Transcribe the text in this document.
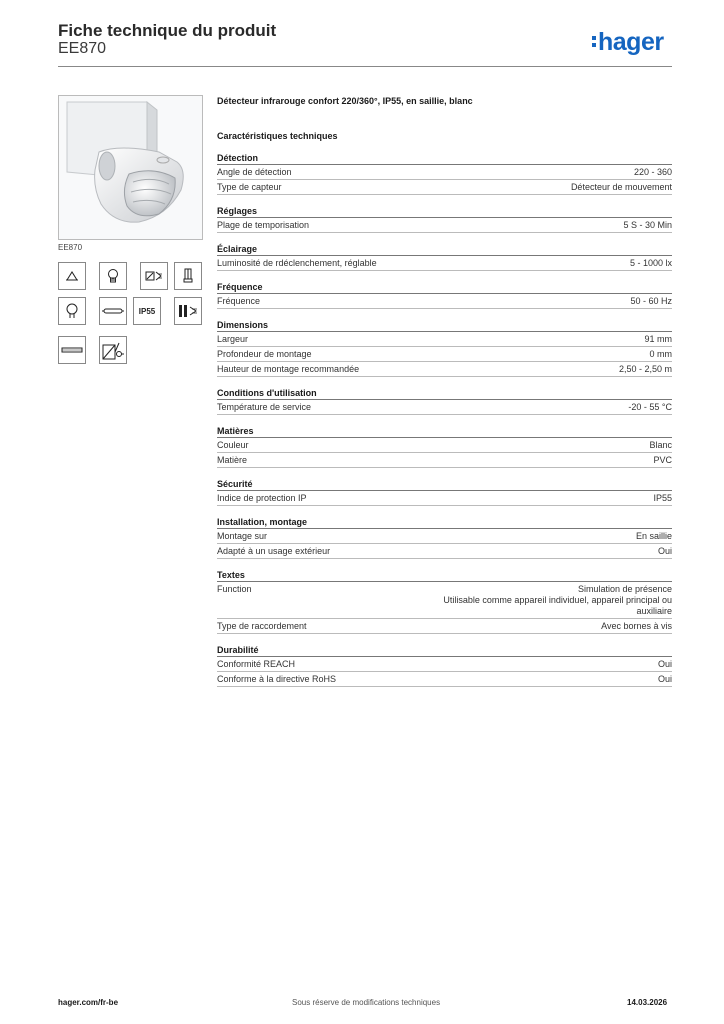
Fiche technique du produit
EE870	hager
EE870
IP55
Détecteur infrarouge confort 220/360°, IP55, en saillie, blanc
Caractéristiques techniques
Détection
Angle de détection	220 - 360
Type de capteur	Détecteur de mouvement
Réglages
Plage de temporisation	5 S - 30 Min
Éclairage
Luminosité de rdéclenchement, réglable	5 - 1000 lx
Fréquence
Fréquence	50 - 60 Hz
Dimensions
Largeur	91 mm
Profondeur de montage	0 mm
Hauteur de montage recommandée	2,50 - 2,50 m
Conditions d'utilisation
Température de service	-20 - 55 °C
Matières
Couleur	Blanc
Matière	PVC
Sécurité
Indice de protection IP	IP55
Installation, montage
Montage sur	En saillie
Adapté à un usage extérieur	Oui
Textes
Function	Simulation de présence
Utilisable comme appareil individuel, appareil principal ou
auxiliaire
Type de raccordement	Avec bornes à vis
Durabilité
Conformité REACH	Oui
Conforme à la directive RoHS	Oui
hager.com/fr-be	Sous réserve de modifications techniques	14.03.2026
